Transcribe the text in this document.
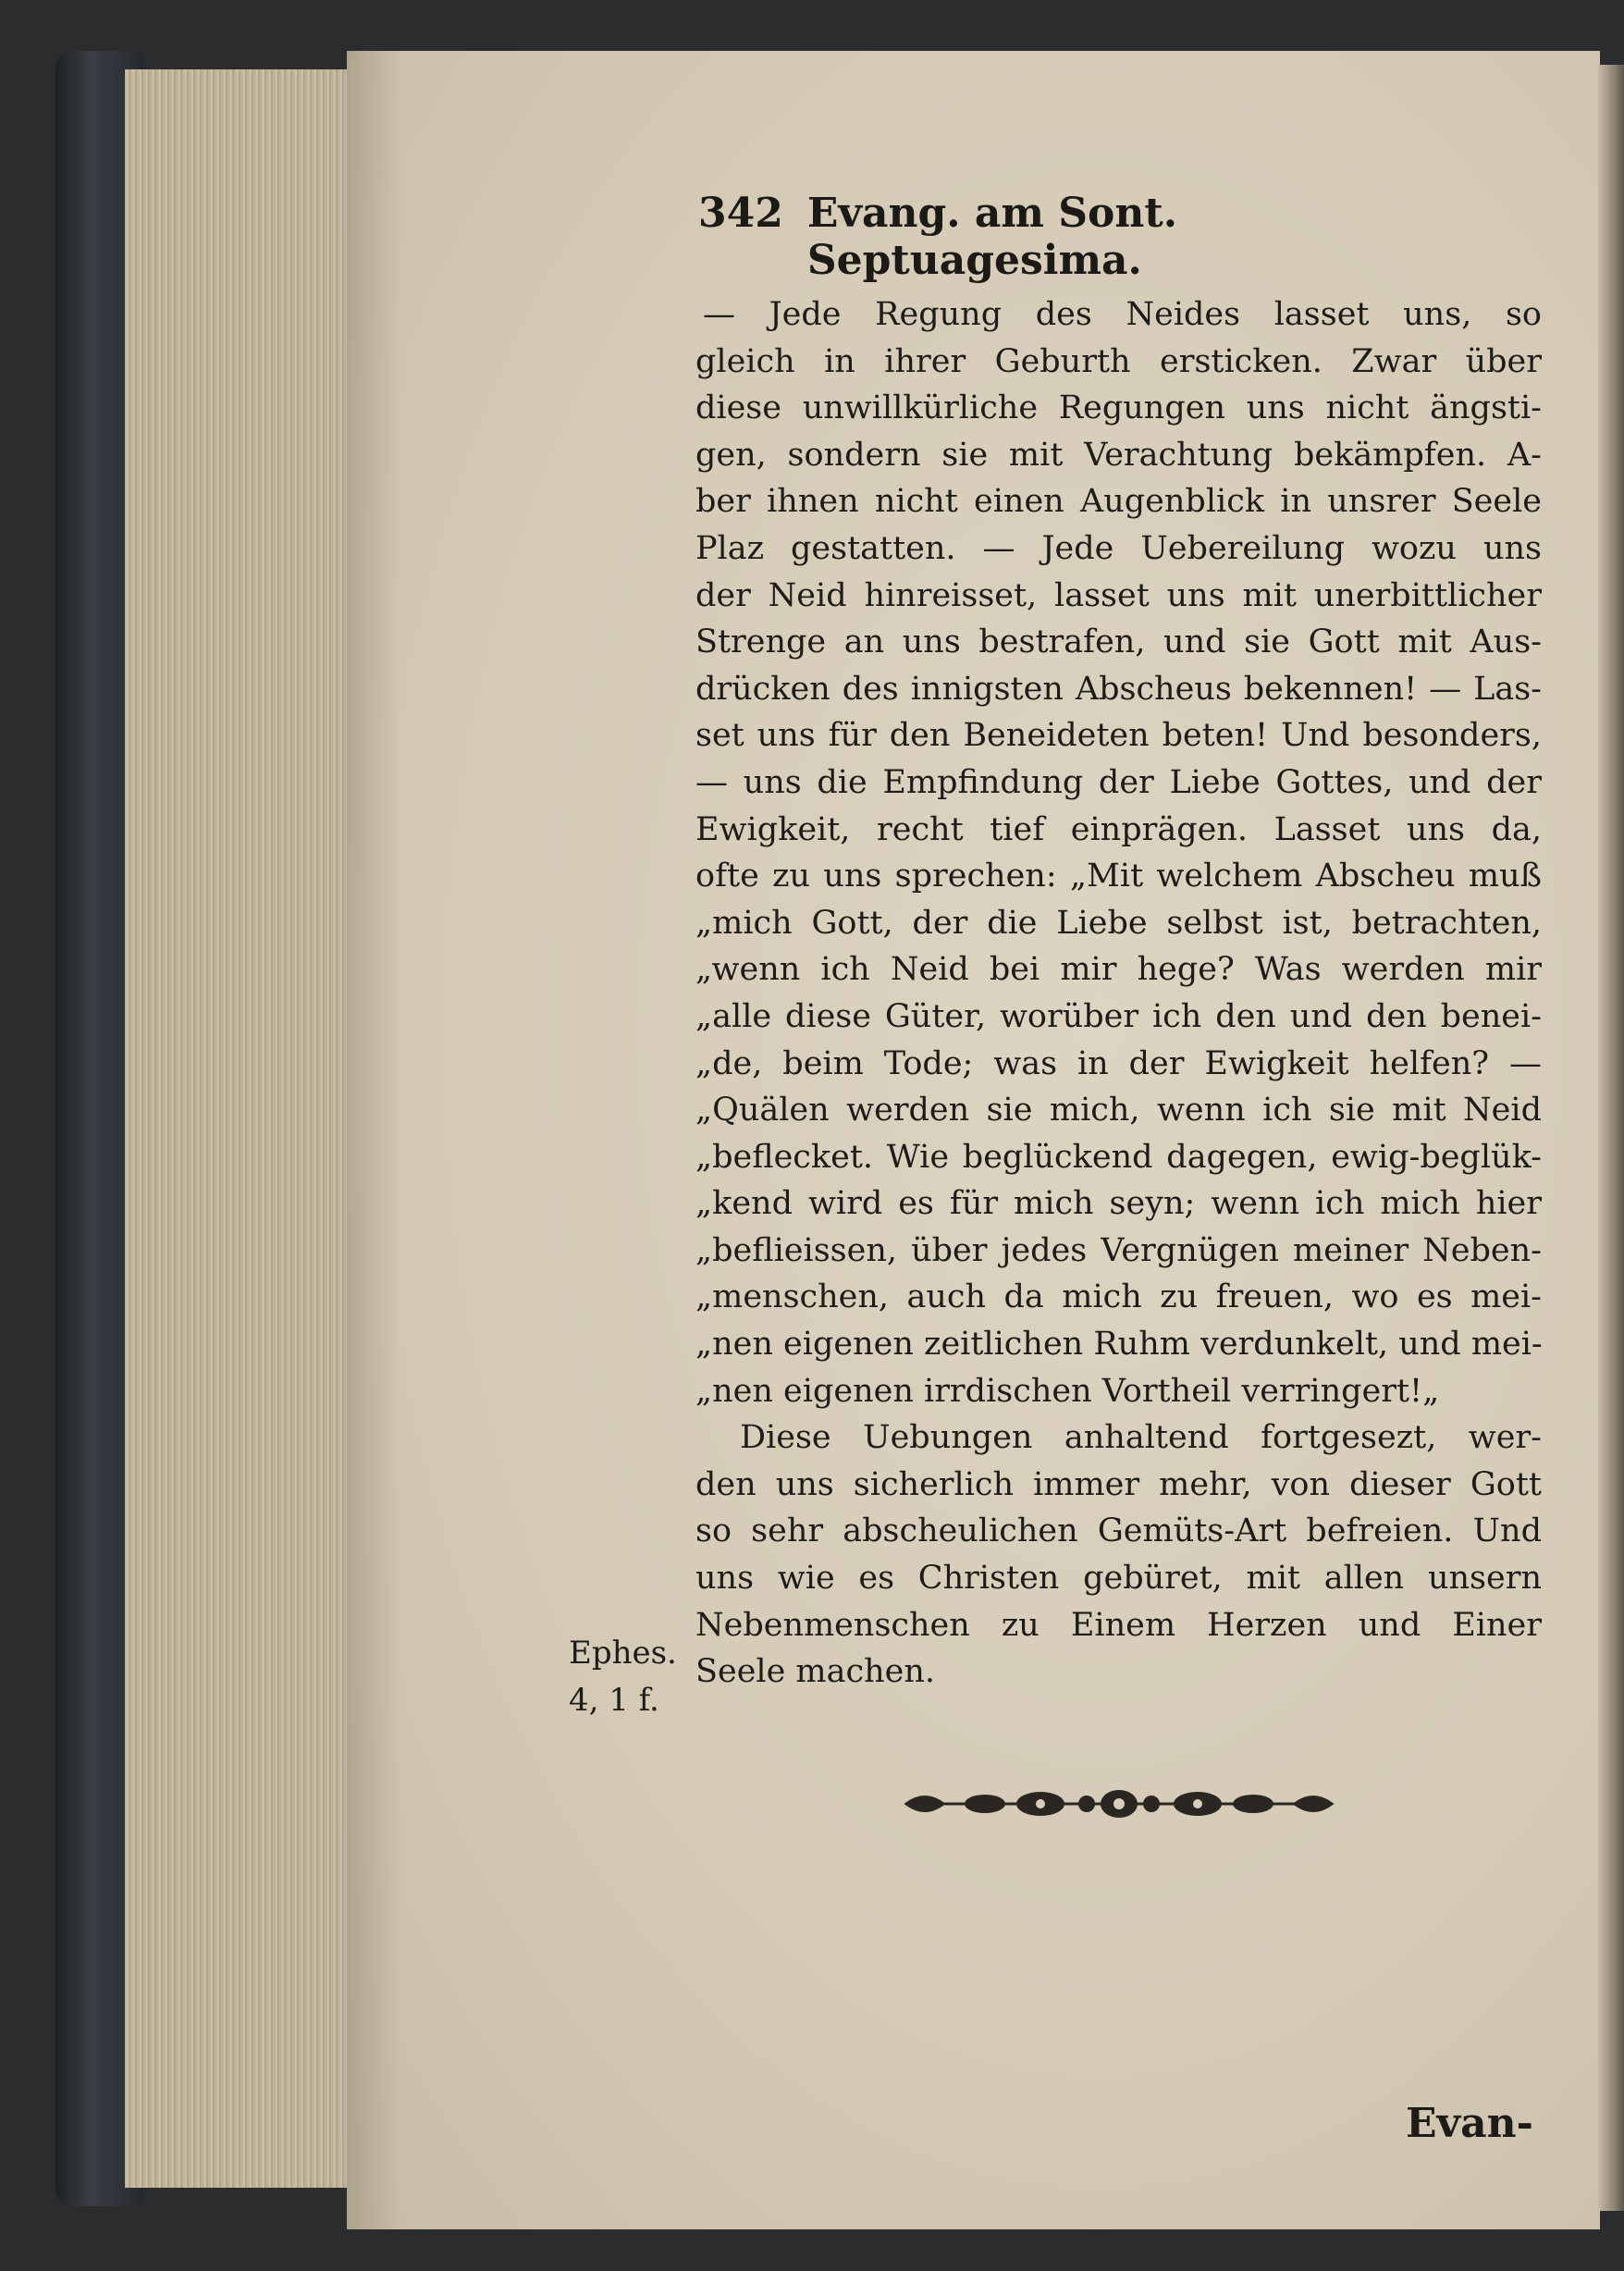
342 Evang. am Sont. Septuagesima.
— Jede Regung des Neides lasset uns, so
gleich in ihrer Geburth ersticken. Zwar über
diese unwillkürliche Regungen uns nicht ängsti-
gen, sondern sie mit Verachtung bekämpfen. A-
ber ihnen nicht einen Augenblick in unsrer Seele
Plaz gestatten. — Jede Uebereilung wozu uns
der Neid hinreisset, lasset uns mit unerbittlicher
Strenge an uns bestrafen, und sie Gott mit Aus-
drücken des innigsten Abscheus bekennen! — Las-
set uns für den Beneideten beten! Und besonders,
— uns die Empfindung der Liebe Gottes, und der
Ewigkeit, recht tief einprägen. Lasset uns da,
ofte zu uns sprechen: „Mit welchem Abscheu muß
„mich Gott, der die Liebe selbst ist, betrachten,
„wenn ich Neid bei mir hege? Was werden mir
„alle diese Güter, worüber ich den und den benei-
„de, beim Tode; was in der Ewigkeit helfen? —
„Quälen werden sie mich, wenn ich sie mit Neid
„beflecket. Wie beglückend dagegen, ewig-beglük-
„kend wird es für mich seyn; wenn ich mich hier
„beflieissen, über jedes Vergnügen meiner Neben-
„menschen, auch da mich zu freuen, wo es mei-
„nen eigenen zeitlichen Ruhm verdunkelt, und mei-
„nen eigenen irrdischen Vortheil verringert!„
Diese Uebungen anhaltend fortgesezt, wer-
den uns sicherlich immer mehr, von dieser Gott
so sehr abscheulichen Gemüts-Art befreien. Und
uns wie es Christen gebüret, mit allen unsern
Nebenmenschen zu Einem Herzen und Einer
Seele machen.
Ephes.
4, 1 f.
Evan-
